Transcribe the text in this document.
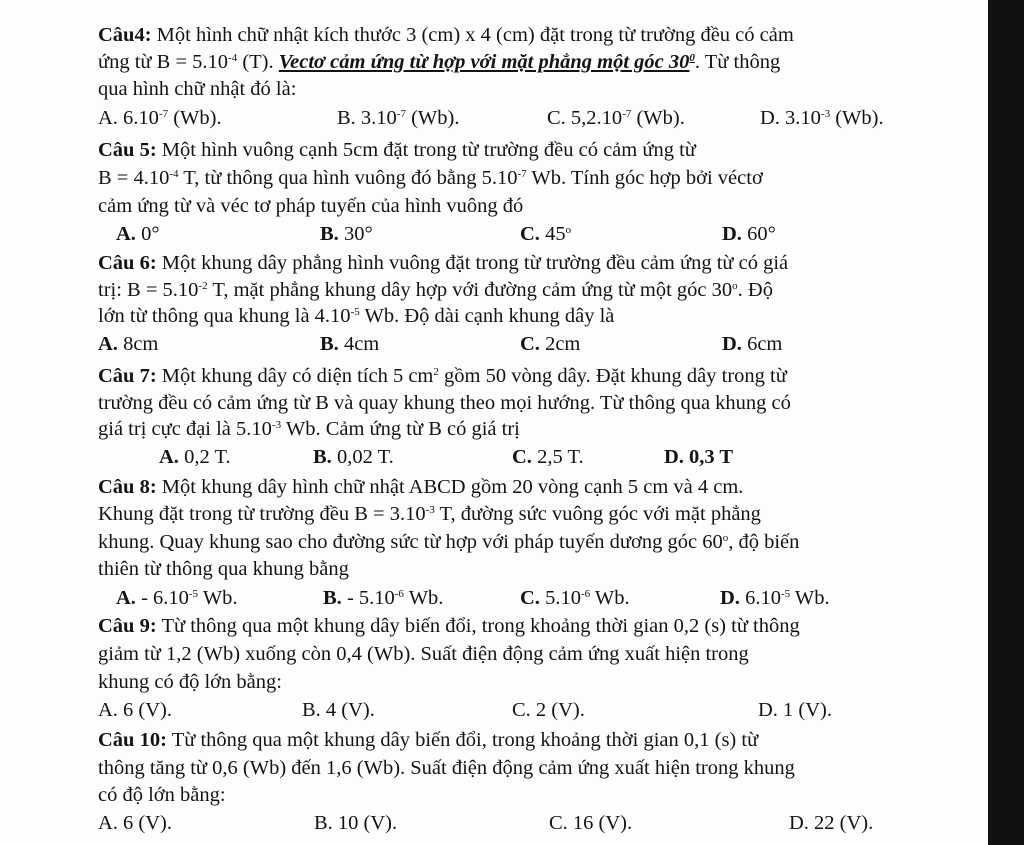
Câu4: Một hình chữ nhật kích thước 3 (cm) x 4 (cm) đặt trong từ trường đều có cảm
ứng từ $B = 5.10^{-4}$ (T). Vectơ cảm ứng từ hợp với mặt phẳng một góc $30^0$. Từ thông
qua hình chữ nhật đó là:
A. $6.10^{-7}$ (Wb).	B. $3.10^{-7}$ (Wb).	C. $5,2.10^{-7}$ (Wb).	D. $3.10^{-3}$ (Wb).
Câu 5: Một hình vuông cạnh 5cm đặt trong từ trường đều có cảm ứng từ
$B = 4.10^{-4}$ T, từ thông qua hình vuông đó bằng $5.10^{-7}$ Wb. Tính góc hợp bởi véctơ
cảm ứng từ và véc tơ pháp tuyến của hình vuông đó
A. 0°	B. 30°	C. 45$^o$	D. 60°
Câu 6: Một khung dây phẳng hình vuông đặt trong từ trường đều cảm ứng từ có giá
trị: $B = 5.10^{-2}$ T, mặt phẳng khung dây hợp với đường cảm ứng từ một góc 30$^o$. Độ
lớn từ thông qua khung là $4.10^{-5}$ Wb. Độ dài cạnh khung dây là
A. 8cm	B. 4cm	C. 2cm	D. 6cm
Câu 7: Một khung dây có diện tích 5 $cm^2$ gồm 50 vòng dây. Đặt khung dây trong từ
trường đều có cảm ứng từ B và quay khung theo mọi hướng. Từ thông qua khung có
giá trị cực đại là $5.10^{-3}$ Wb. Cảm ứng từ B có giá trị
A. 0,2 T.	B. 0,02 T.	C. 2,5 T.	D. 0,3 T
Câu 8: Một khung dây hình chữ nhật ABCD gồm 20 vòng cạnh 5 cm và 4 cm.
Khung đặt trong từ trường đều $B = 3.10^{-3}$ T, đường sức vuông góc với mặt phẳng
khung. Quay khung sao cho đường sức từ hợp với pháp tuyến dương góc 60$^o$, độ biến
thiên từ thông qua khung bằng
A. - $6.10^{-5}$ Wb.	B. - $5.10^{-6}$ Wb.	C. $5.10^{-6}$ Wb.	D. $6.10^{-5}$ Wb.
Câu 9: Từ thông qua một khung dây biến đổi, trong khoảng thời gian 0,2 (s) từ thông
giảm từ 1,2 (Wb) xuống còn 0,4 (Wb). Suất điện động cảm ứng xuất hiện trong
khung có độ lớn bằng:
A. 6 (V).	B. 4 (V).	C. 2 (V).	D. 1 (V).
Câu 10: Từ thông qua một khung dây biến đổi, trong khoảng thời gian 0,1 (s) từ
thông tăng từ 0,6 (Wb) đến 1,6 (Wb). Suất điện động cảm ứng xuất hiện trong khung
có độ lớn bằng:
A. 6 (V).	B. 10 (V).	C. 16 (V).	D. 22 (V).
